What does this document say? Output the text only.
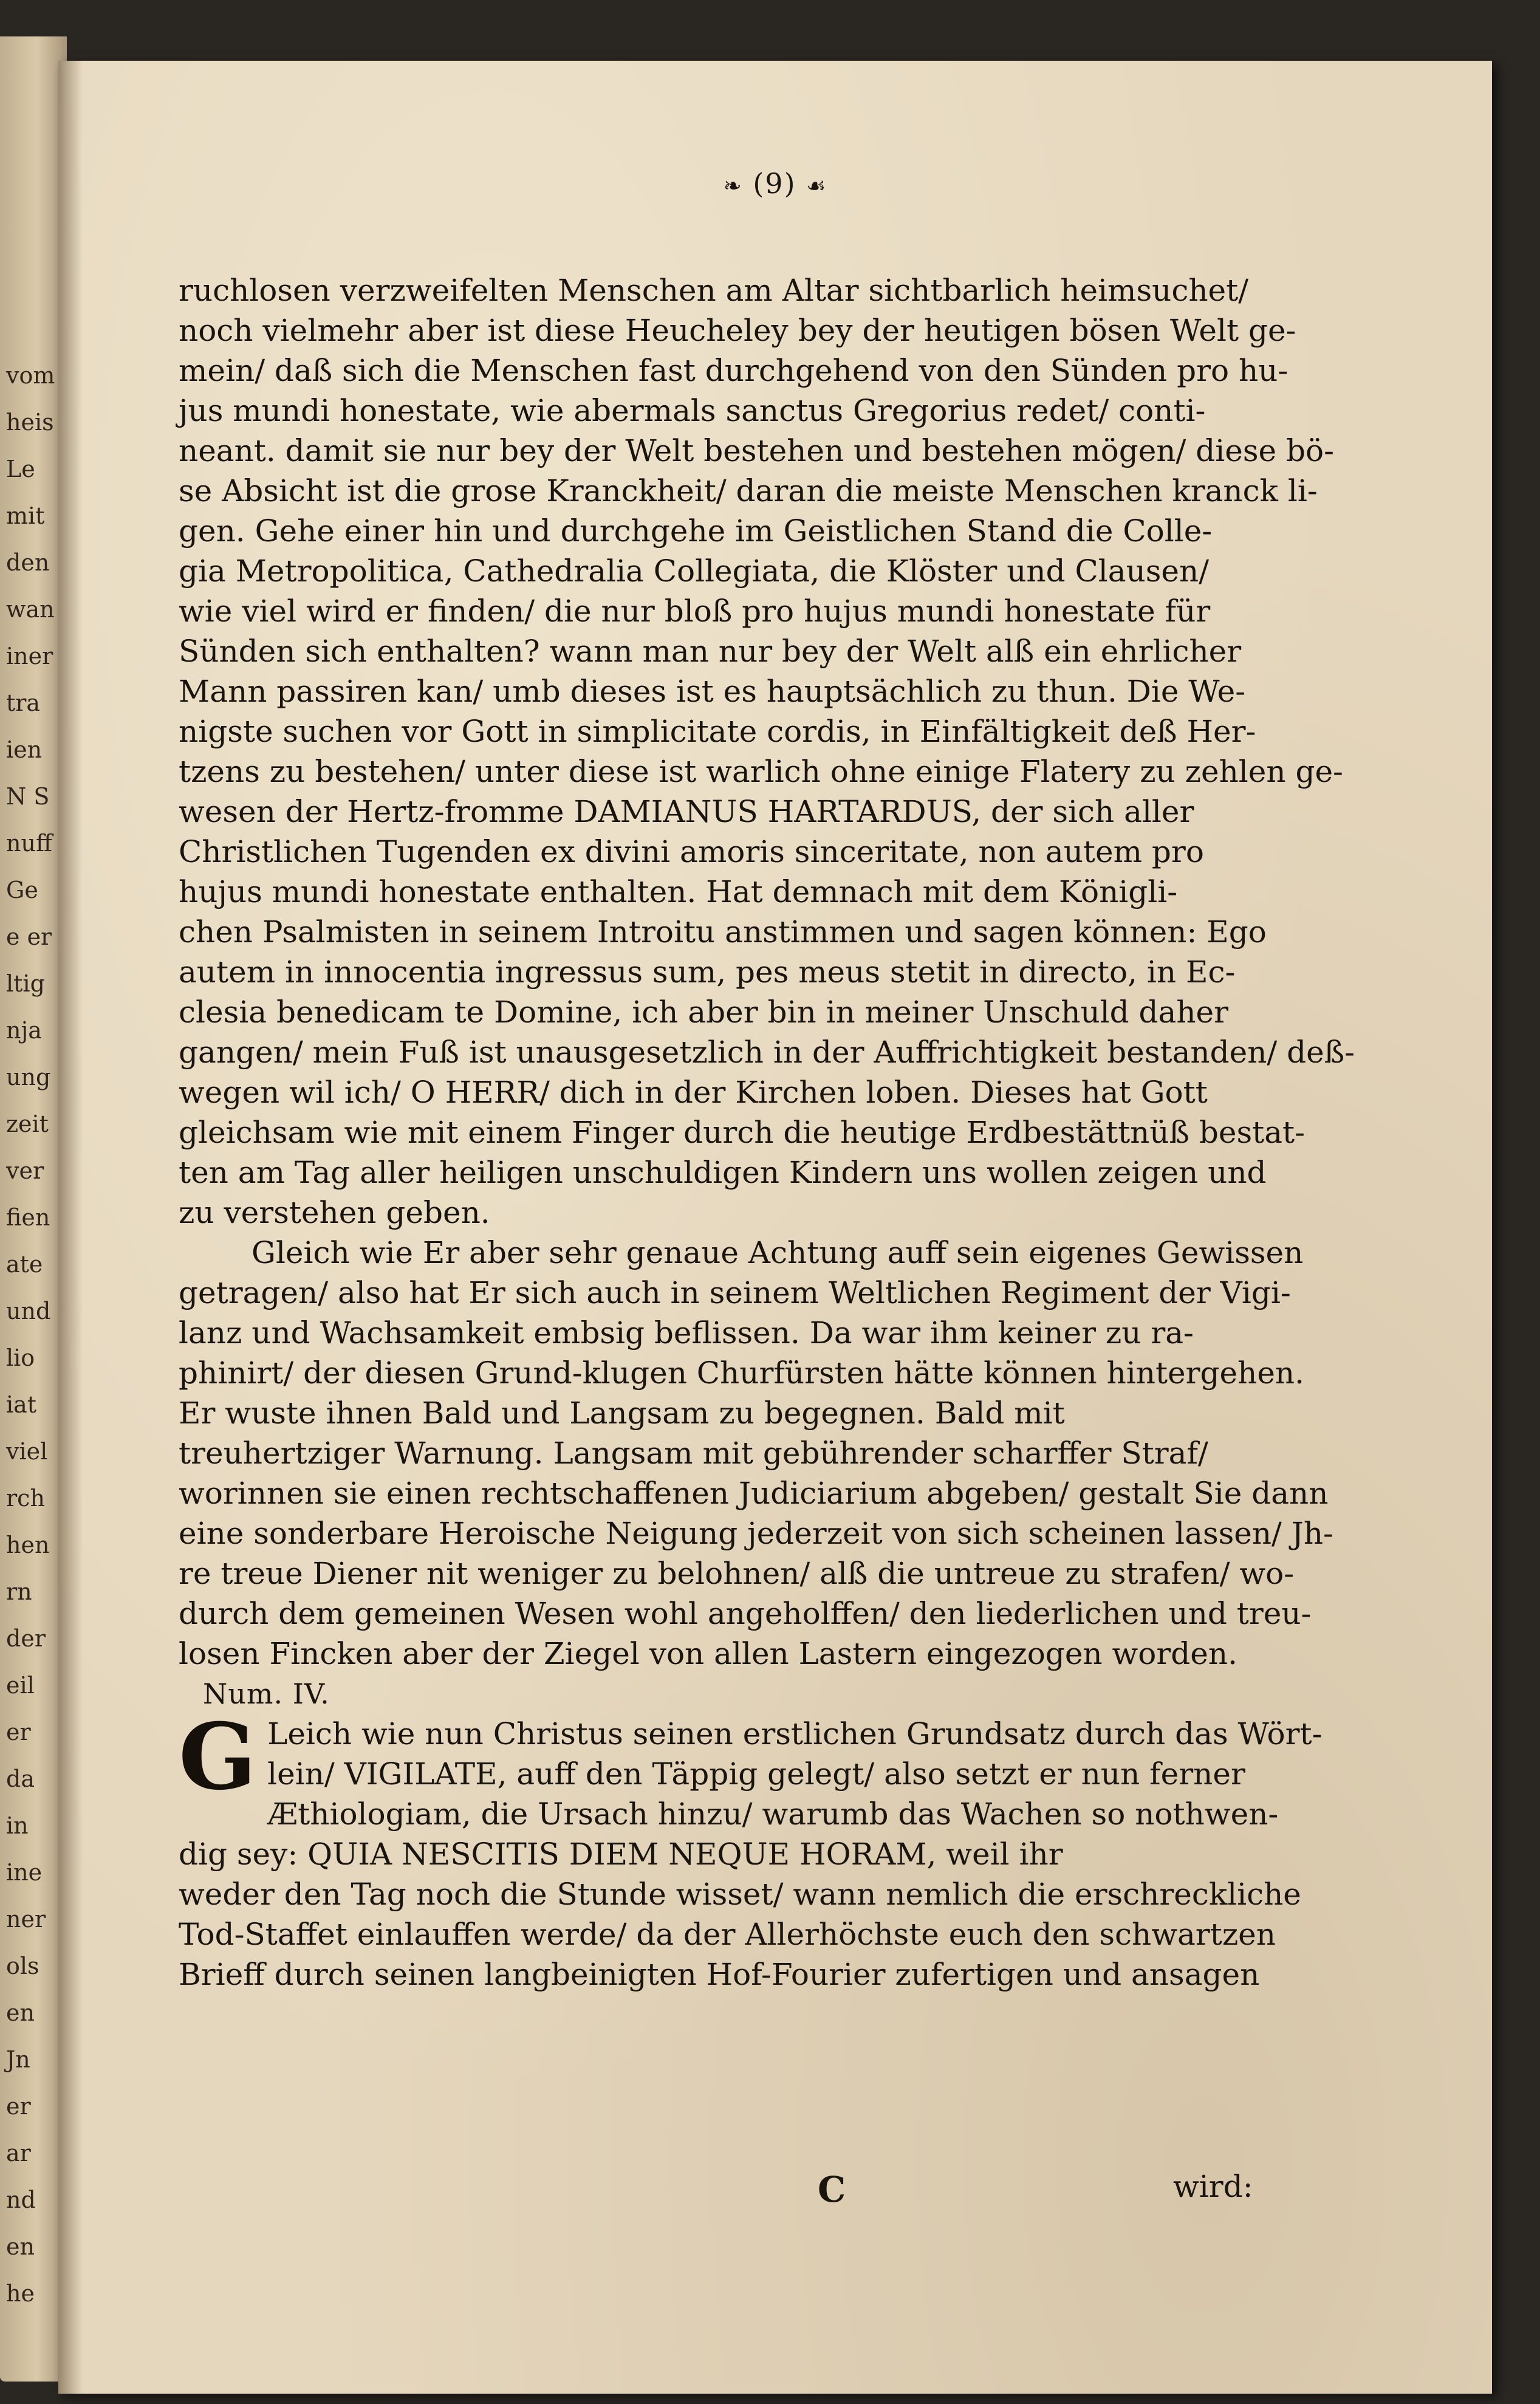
vom
heis
Le
mit
den
wan
iner
tra
ien
N S
nuff
Ge
e er
ltig
nja
ung
zeit
ver
fien
ate
und
lio
iat
viel
rch
hen
rn
der
eil
er
da
in
ine
ner
ols
en
Jn
er
ar
nd
en
he
❧ (9) ☙
ruchlosen verzweifelten Menschen am Altar sichtbarlich heimsuchet/
noch vielmehr aber ist diese Heucheley bey der heutigen bösen Welt ge-
mein/ daß sich die Menschen fast durchgehend von den Sünden pro hu-
jus mundi honestate, wie abermals sanctus Gregorius redet/ conti-
neant. damit sie nur bey der Welt bestehen und bestehen mögen/ diese bö-
se Absicht ist die grose Kranckheit/ daran die meiste Menschen kranck li-
gen. Gehe einer hin und durchgehe im Geistlichen Stand die Colle-
gia Metropolitica, Cathedralia Collegiata, die Klöster und Clausen/
wie viel wird er finden/ die nur bloß pro hujus mundi honestate für
Sünden sich enthalten? wann man nur bey der Welt alß ein ehrlicher
Mann passiren kan/ umb dieses ist es hauptsächlich zu thun. Die We-
nigste suchen vor Gott in simplicitate cordis, in Einfältigkeit deß Her-
tzens zu bestehen/ unter diese ist warlich ohne einige Flatery zu zehlen ge-
wesen der Hertz-fromme DAMIANUS HARTARDUS, der sich aller
Christlichen Tugenden ex divini amoris sinceritate, non autem pro
hujus mundi honestate enthalten. Hat demnach mit dem Königli-
chen Psalmisten in seinem Introitu anstimmen und sagen können: Ego
autem in innocentia ingressus sum, pes meus stetit in directo, in Ec-
clesia benedicam te Domine, ich aber bin in meiner Unschuld daher
gangen/ mein Fuß ist unausgesetzlich in der Auffrichtigkeit bestanden/ deß-
wegen wil ich/ O HERR/ dich in der Kirchen loben. Dieses hat Gott
gleichsam wie mit einem Finger durch die heutige Erdbestättnüß bestat-
ten am Tag aller heiligen unschuldigen Kindern uns wollen zeigen und
zu verstehen geben.
Gleich wie Er aber sehr genaue Achtung auff sein eigenes Gewissen
getragen/ also hat Er sich auch in seinem Weltlichen Regiment der Vigi-
lanz und Wachsamkeit embsig beflissen. Da war ihm keiner zu ra-
phinirt/ der diesen Grund-klugen Churfürsten hätte können hintergehen.
Er wuste ihnen Bald und Langsam zu begegnen. Bald mit
treuhertziger Warnung. Langsam mit gebührender scharffer Straf/
worinnen sie einen rechtschaffenen Judiciarium abgeben/ gestalt Sie dann
eine sonderbare Heroische Neigung jederzeit von sich scheinen lassen/ Jh-
re treue Diener nit weniger zu belohnen/ alß die untreue zu strafen/ wo-
durch dem gemeinen Wesen wohl angeholffen/ den liederlichen und treu-
losen Fincken aber der Ziegel von allen Lastern eingezogen worden.
Num. IV.
G Leich wie nun Christus seinen erstlichen Grundsatz durch das Wört-
lein/ VIGILATE, auff den Täppig gelegt/ also setzt er nun ferner
Æthiologiam, die Ursach hinzu/ warumb das Wachen so nothwen-
dig sey: QUIA NESCITIS DIEM NEQUE HORAM, weil ihr
weder den Tag noch die Stunde wisset/ wann nemlich die erschreckliche
Tod-Staffet einlauffen werde/ da der Allerhöchste euch den schwartzen
Brieff durch seinen langbeinigten Hof-Fourier zufertigen und ansagen
C	wird:
